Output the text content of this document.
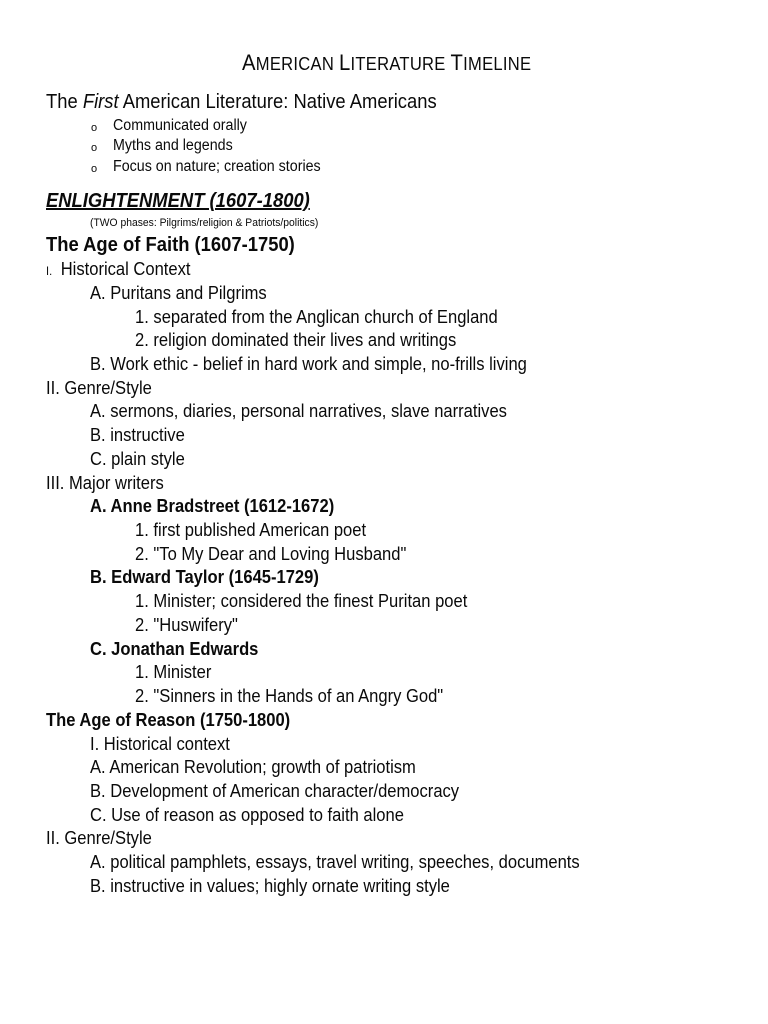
AMERICAN LITERATURE TIMELINE
The First American Literature: Native Americans
o Communicated orally
o Myths and legends
o Focus on nature; creation stories
ENLIGHTENMENT (1607-1800)
(TWO phases: Pilgrims/religion & Patriots/politics)
The Age of Faith (1607-1750)
I. Historical Context
A. Puritans and Pilgrims
1. separated from the Anglican church of England
2. religion dominated their lives and writings
B. Work ethic - belief in hard work and simple, no-frills living
II. Genre/Style
A. sermons, diaries, personal narratives, slave narratives
B. instructive
C. plain style
III. Major writers
A. Anne Bradstreet (1612-1672)
1. first published American poet
2. "To My Dear and Loving Husband"
B. Edward Taylor (1645-1729)
1. Minister; considered the finest Puritan poet
2. "Huswifery"
C. Jonathan Edwards
1. Minister
2. "Sinners in the Hands of an Angry God"
The Age of Reason (1750-1800)
I. Historical context
A. American Revolution; growth of patriotism
B. Development of American character/democracy
C. Use of reason as opposed to faith alone
II. Genre/Style
A. political pamphlets, essays, travel writing, speeches, documents
B. instructive in values; highly ornate writing style
